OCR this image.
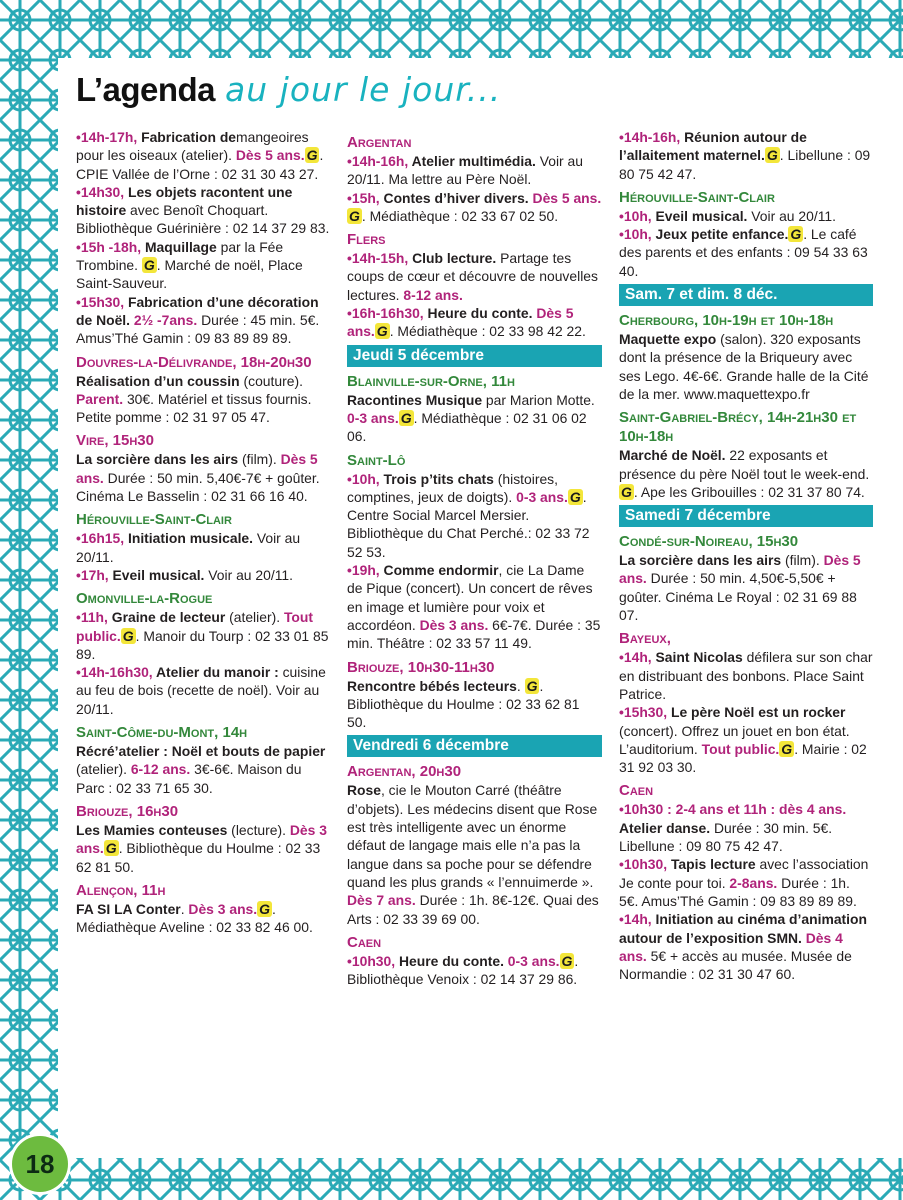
L’agenda au jour le jour...

•14h-17h, Fabrication demangeoires pour les oiseaux (atelier). Dès 5 ans. G . CPIE Vallée de l’Orne : 02 31 30 43 27.

•14h30, Les objets racontent une histoire avec Benoît Choquart. Bibliothèque Guérinière : 02 14 37 29 83.

•15h -18h, Maquillage par la Fée Trombine. G . Marché de noël, Place Saint-Sauveur.

•15h30, Fabrication d’une décoration de Noël. 2½ -7ans. Durée : 45 min. 5€. Amus’Thé Gamin : 09 83 89 89 89.

Douvres-la-Délivrande, 18h-20h30

Réalisation d’un coussin (couture). Parent. 30€. Matériel et tissus fournis. Petite pomme : 02 31 97 05 47.

Vire, 15h30

La sorcière dans les airs (film). Dès 5 ans. Durée : 50 min. 5,40€-7€ + goûter. Cinéma Le Basselin : 02 31 66 16 40.

Hérouville-Saint-Clair

•16h15, Initiation musicale. Voir au 20/11.

•17h, Eveil musical. Voir au 20/11.

Omonville-la-Rogue

•11h, Graine de lecteur (atelier). Tout public. G . Manoir du Tourp : 02 33 01 85 89.

•14h-16h30, Atelier du manoir : cuisine au feu de bois (recette de noël). Voir au 20/11.

Saint-Côme-du-Mont, 14h

Récré’atelier : Noël et bouts de papier (atelier). 6-12 ans. 3€-6€. Maison du Parc : 02 33 71 65 30.

Briouze, 16h30

Les Mamies conteuses (lecture). Dès 3 ans. G . Bibliothèque du Houlme : 02 33 62 81 50.

Alençon, 11h

FA SI LA Conter. Dès 3 ans. G . Médiathèque Aveline : 02 33 82 46 00.

Argentan

•14h-16h, Atelier multimédia. Voir au 20/11. Ma lettre au Père Noël.

•15h, Contes d’hiver divers. Dès 5 ans.G . Médiathèque : 02 33 67 02 50.

Flers

•14h-15h, Club lecture. Partage tes coups de cœur et découvre de nouvelles lectures. 8-12 ans.

•16h-16h30, Heure du conte. Dès 5 ans. G . Médiathèque : 02 33 98 42 22.

Jeudi 5 décembre
Blainville-sur-Orne, 11h

Racontines Musique par Marion Motte. 0-3 ans. G . Médiathèque : 02 31 06 02 06.

Saint-Lô

•10h, Trois p’tits chats (histoires, comptines, jeux de doigts). 0-3 ans. G . Centre Social Marcel Mersier. Bibliothèque du Chat Perché.: 02 33 72 52 53.

•19h, Comme endormir, cie La Dame de Pique (concert). Un concert de rêves en image et lumière pour voix et accordéon. Dès 3 ans. 6€-7€. Durée : 35 min. Théâtre : 02 33 57 11 49.

Briouze, 10h30-11h30

Rencontre bébés lecteurs. G . Bibliothèque du Houlme : 02 33 62 81 50.

Vendredi 6 décembre
Argentan, 20h30

Rose, cie le Mouton Carré (théâtre d’objets). Les médecins disent que Rose est très intelligente avec un énorme défaut de langage mais elle n’a pas la langue dans sa poche pour se défendre quand les plus grands « l’ennuimerde ». Dès 7 ans. Durée : 1h. 8€-12€. Quai des Arts : 02 33 39 69 00.

Caen

•10h30, Heure du conte. 0-3 ans. G . Bibliothèque Venoix : 02 14 37 29 86.

•14h-16h, Réunion autour de l’allaitement maternel. G . Libellune : 09 80 75 42 47.

Hérouville-Saint-Clair

•10h, Eveil musical. Voir au 20/11.

•10h, Jeux petite enfance. G . Le café des parents et des enfants : 09 54 33 63 40.

Sam. 7 et dim. 8 déc.
Cherbourg, 10h-19h et 10h-18h

Maquette expo (salon). 320 exposants dont la présence de la Briqueury avec ses Lego. 4€-6€. Grande halle de la Cité de la mer. www.maquettexpo.fr

Saint-Gabriel-Brécy, 14h-21h30 et 10h-18h

Marché de Noël. 22 exposants et présence du père Noël tout le week-end. G . Ape les Gribouilles : 02 31 37 80 74.

Samedi 7 décembre
Condé-sur-Noireau, 15h30

La sorcière dans les airs (film). Dès 5 ans. Durée : 50 min. 4,50€-5,50€ + goûter. Cinéma Le Royal : 02 31 69 88 07.

Bayeux,

•14h, Saint Nicolas défilera sur son char en distribuant des bonbons. Place Saint Patrice.

•15h30, Le père Noël est un rocker (concert). Offrez un jouet en bon état. L’auditorium. Tout public. G . Mairie : 02 31 92 03 30.

Caen

•10h30 : 2-4 ans et 11h : dès 4 ans. Atelier danse. Durée : 30 min. 5€. Libellune : 09 80 75 42 47.

•10h30, Tapis lecture avec l’association Je conte pour toi. 2-8ans. Durée : 1h. 5€. Amus’Thé Gamin : 09 83 89 89 89.

•14h, Initiation au cinéma d’animation autour de l’exposition SMN. Dès 4 ans. 5€ + accès au musée. Musée de Normandie : 02 31 30 47 60.

18
